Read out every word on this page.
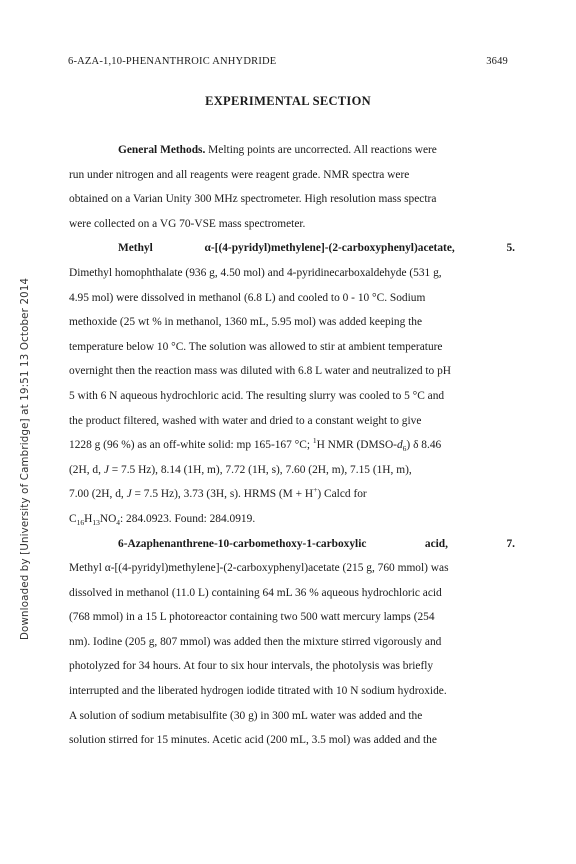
6-AZA-1,10-PHENANTHROIC ANHYDRIDE	3649
EXPERIMENTAL SECTION
Downloaded by [University of Cambridge] at 19:51 13 October 2014
General Methods. Melting points are uncorrected. All reactions were
run under nitrogen and all reagents were reagent grade. NMR spectra were
obtained on a Varian Unity 300 MHz spectrometer. High resolution mass spectra
were collected on a VG 70-VSE mass spectrometer.
Methyl α-[(4-pyridyl)methylene]-(2-carboxyphenyl)acetate, 5.
Dimethyl homophthalate (936 g, 4.50 mol) and 4-pyridinecarboxaldehyde (531 g,
4.95 mol) were dissolved in methanol (6.8 L) and cooled to 0 - 10 °C. Sodium
methoxide (25 wt % in methanol, 1360 mL, 5.95 mol) was added keeping the
temperature below 10 °C. The solution was allowed to stir at ambient temperature
overnight then the reaction mass was diluted with 6.8 L water and neutralized to pH
5 with 6 N aqueous hydrochloric acid. The resulting slurry was cooled to 5 °C and
the product filtered, washed with water and dried to a constant weight to give
1228 g (96 %) as an off-white solid: mp 165-167 °C; $^1$H NMR $(DMSO-d_6)$ δ 8.46
(2H, d, J = 7.5 Hz), 8.14 (1H, m), 7.72 (1H, s), 7.60 (2H, m), 7.15 (1H, m),
7.00 (2H, d, J = 7.5 Hz), 3.73 (3H, s). HRMS (M + H+) Calcd for
$C_{16}H_{13}NO_4$: 284.0923. Found: 284.0919.
6-Azaphenanthrene-10-carbomethoxy-1-carboxylic acid, 7.
Methyl α-[(4-pyridyl)methylene]-(2-carboxyphenyl)acetate (215 g, 760 mmol) was
dissolved in methanol (11.0 L) containing 64 mL 36 % aqueous hydrochloric acid
(768 mmol) in a 15 L photoreactor containing two 500 watt mercury lamps (254
nm). Iodine (205 g, 807 mmol) was added then the mixture stirred vigorously and
photolyzed for 34 hours. At four to six hour intervals, the photolysis was briefly
interrupted and the liberated hydrogen iodide titrated with 10 N sodium hydroxide.
A solution of sodium metabisulfite (30 g) in 300 mL water was added and the
solution stirred for 15 minutes. Acetic acid (200 mL, 3.5 mol) was added and the
